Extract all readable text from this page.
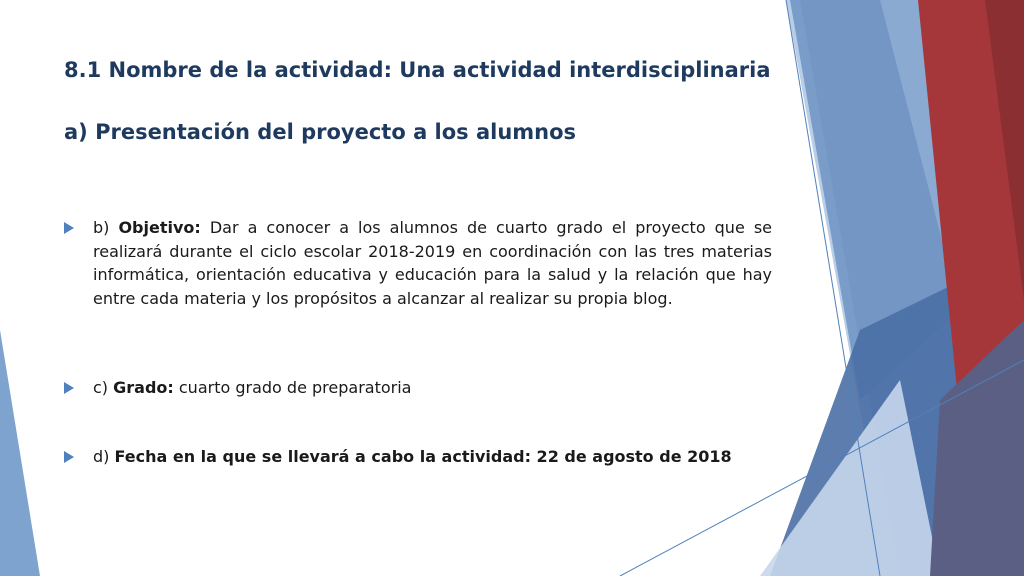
8.1 Nombre de la actividad: Una actividad interdisciplinaria
a) Presentación del proyecto a los alumnos
b) Objetivo: Dar a conocer a los alumnos de cuarto grado el proyecto que se realizará durante el ciclo escolar 2018-2019 en coordinación con las tres materias informática, orientación educativa y educación para la salud y la relación que hay entre cada materia y los propósitos a alcanzar al realizar su propia blog.
c) Grado: cuarto grado de preparatoria
d) Fecha en la que se llevará a cabo la actividad: 22 de agosto de 2018
